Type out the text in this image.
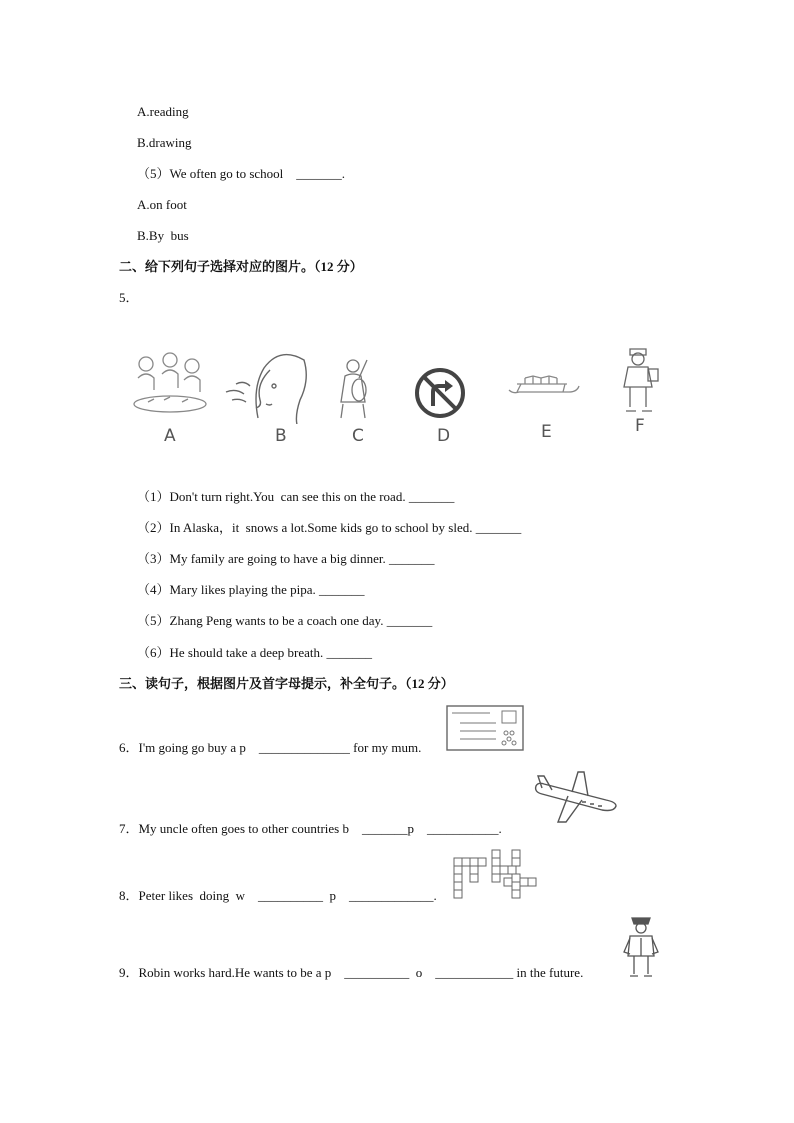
A.reading
B.drawing
（5）We often go to school　_______.
A.on foot
B.By  bus
二、给下列句子选择对应的图片。（12 分）
5．
A	B	C	D	E	F
（1）Don't turn right.You  can see this on the road. _______
（2）In Alaska，it  snows a lot.Some kids go to school by sled. _______
（3）My family are going to have a big dinner. _______
（4）Mary likes playing the pipa. _______
（5）Zhang Peng wants to be a coach one day. _______
（6）He should take a deep breath. _______
三、读句子，根据图片及首字母提示，补全句子。（12 分）
6．I'm going go buy a p　______________ for my mum.
7．My uncle often goes to other countries b　_______p　___________.
8．Peter likes  doing  w　__________  p　_____________.
9．Robin works hard.He wants to be a p　__________  o　____________ in the future.
